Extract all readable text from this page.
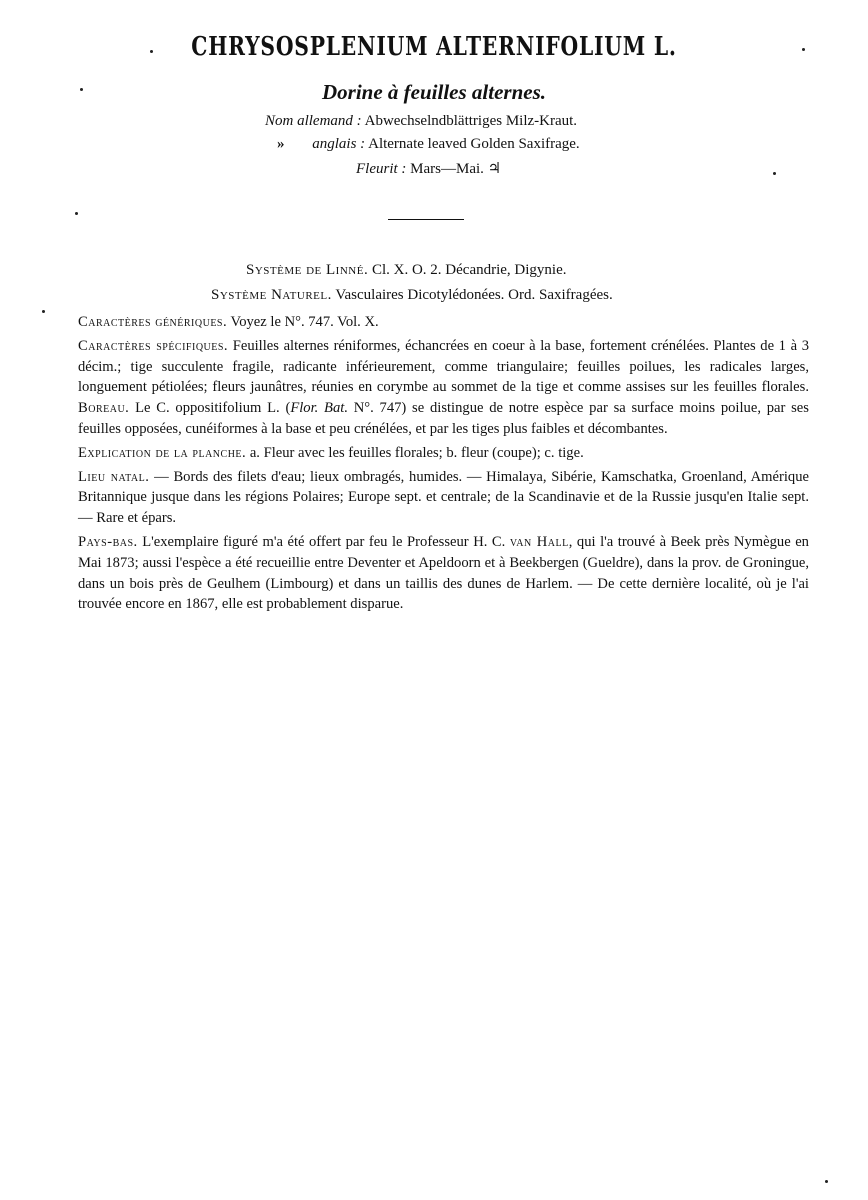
CHRYSOSPLENIUM ALTERNIFOLIUM L.
Dorine à feuilles alternes.
Nom allemand : Abwechselndblättriges Milz-Kraut.
» anglais : Alternate leaved Golden Saxifrage.
Fleurit : Mars—Mai. ♃
Système de Linné. Cl. X. O. 2. Décandrie, Digynie.
Système Naturel. Vasculaires Dicotylédonées. Ord. Saxifragées.

Caractères génériques. Voyez le N°. 747. Vol. X.

Caractères spécifiques. Feuilles alternes réniformes, échancrées en coeur à la base, fortement crénélées. Plantes de 1 à 3 décim.; tige succulente fragile, radicante inférieurement, comme triangulaire; feuilles poilues, les radicales larges, longuement pétiolées; fleurs jaunâtres, réunies en corymbe au sommet de la tige et comme assises sur les feuilles florales. Boreau. Le C. oppositifolium L. (Flor. Bat. N°. 747) se distingue de notre espèce par sa surface moins poilue, par ses feuilles opposées, cunéiformes à la base et peu crénélées, et par les tiges plus faibles et décombantes.

Explication de la planche. a. Fleur avec les feuilles florales; b. fleur (coupe); c. tige.

Lieu natal. — Bords des filets d'eau; lieux ombragés, humides. — Himalaya, Sibérie, Kamschatka, Groenland, Amérique Britannique jusque dans les régions Polaires; Europe sept. et centrale; de la Scandinavie et de la Russie jusqu'en Italie sept. — Rare et épars.

Pays-bas. L'exemplaire figuré m'a été offert par feu le Professeur H. C. van Hall, qui l'a trouvé à Beek près Nymègue en Mai 1873; aussi l'espèce a été recueillie entre Deventer et Apeldoorn et à Beekbergen (Gueldre), dans la prov. de Groningue, dans un bois près de Geulhem (Limbourg) et dans un taillis des dunes de Harlem. — De cette dernière localité, où je l'ai trouvée encore en 1867, elle est probablement disparue.
